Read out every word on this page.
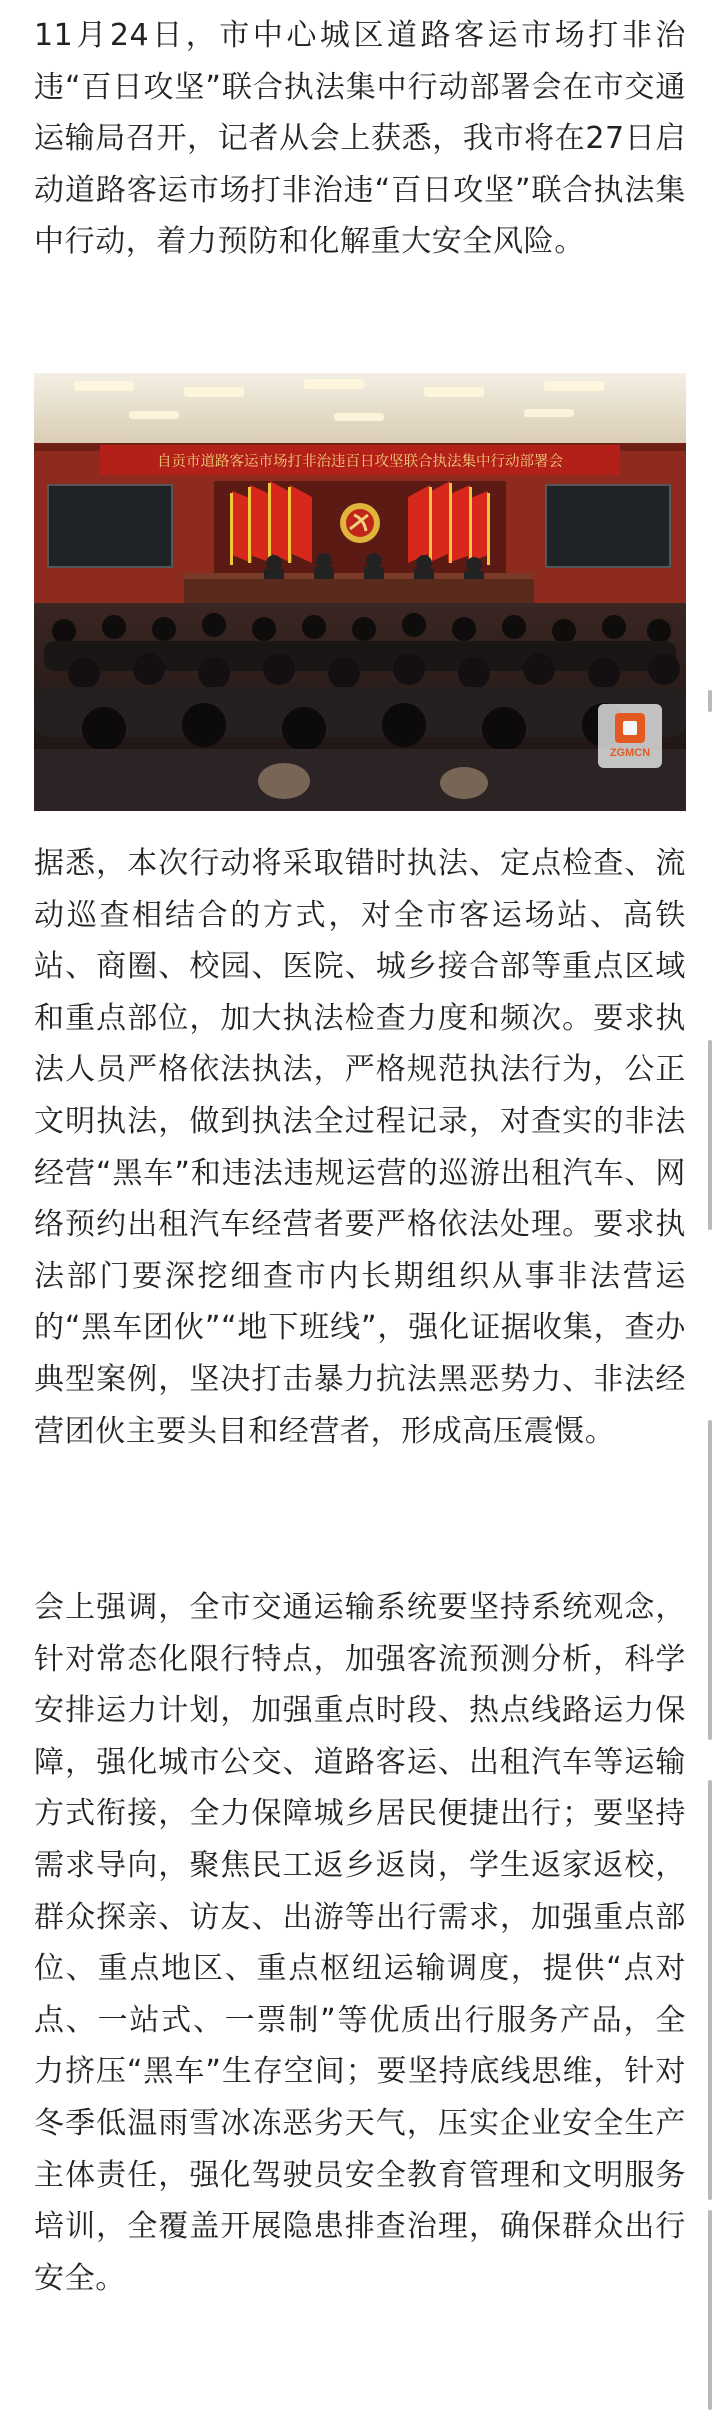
11月24日，市中心城区道路客运市场打非治违“百日攻坚”联合执法集中行动部署会在市交通运输局召开，记者从会上获悉，我市将在27日启动道路客运市场打非治违“百日攻坚”联合执法集中行动，着力预防和化解重大安全风险。

自贡市道路客运市场打非治违百日攻坚联合执法集中行动部署会
ZGMCN

据悉，本次行动将采取错时执法、定点检查、流动巡查相结合的方式，对全市客运场站、高铁站、商圈、校园、医院、城乡接合部等重点区域和重点部位，加大执法检查力度和频次。要求执法人员严格依法执法，严格规范执法行为，公正文明执法，做到执法全过程记录，对查实的非法经营“黑车”和违法违规运营的巡游出租汽车、网络预约出租汽车经营者要严格依法处理。要求执法部门要深挖细查市内长期组织从事非法营运的“黑车团伙”“地下班线”，强化证据收集，查办典型案例，坚决打击暴力抗法黑恶势力、非法经营团伙主要头目和经营者，形成高压震慑。

会上强调，全市交通运输系统要坚持系统观念，针对常态化限行特点，加强客流预测分析，科学安排运力计划，加强重点时段、热点线路运力保障，强化城市公交、道路客运、出租汽车等运输方式衔接，全力保障城乡居民便捷出行；要坚持需求导向，聚焦民工返乡返岗，学生返家返校，群众探亲、访友、出游等出行需求，加强重点部位、重点地区、重点枢纽运输调度，提供“点对点、一站式、一票制”等优质出行服务产品，全力挤压“黑车”生存空间；要坚持底线思维，针对冬季低温雨雪冰冻恶劣天气，压实企业安全生产主体责任，强化驾驶员安全教育管理和文明服务培训，全覆盖开展隐患排查治理，确保群众出行安全。
